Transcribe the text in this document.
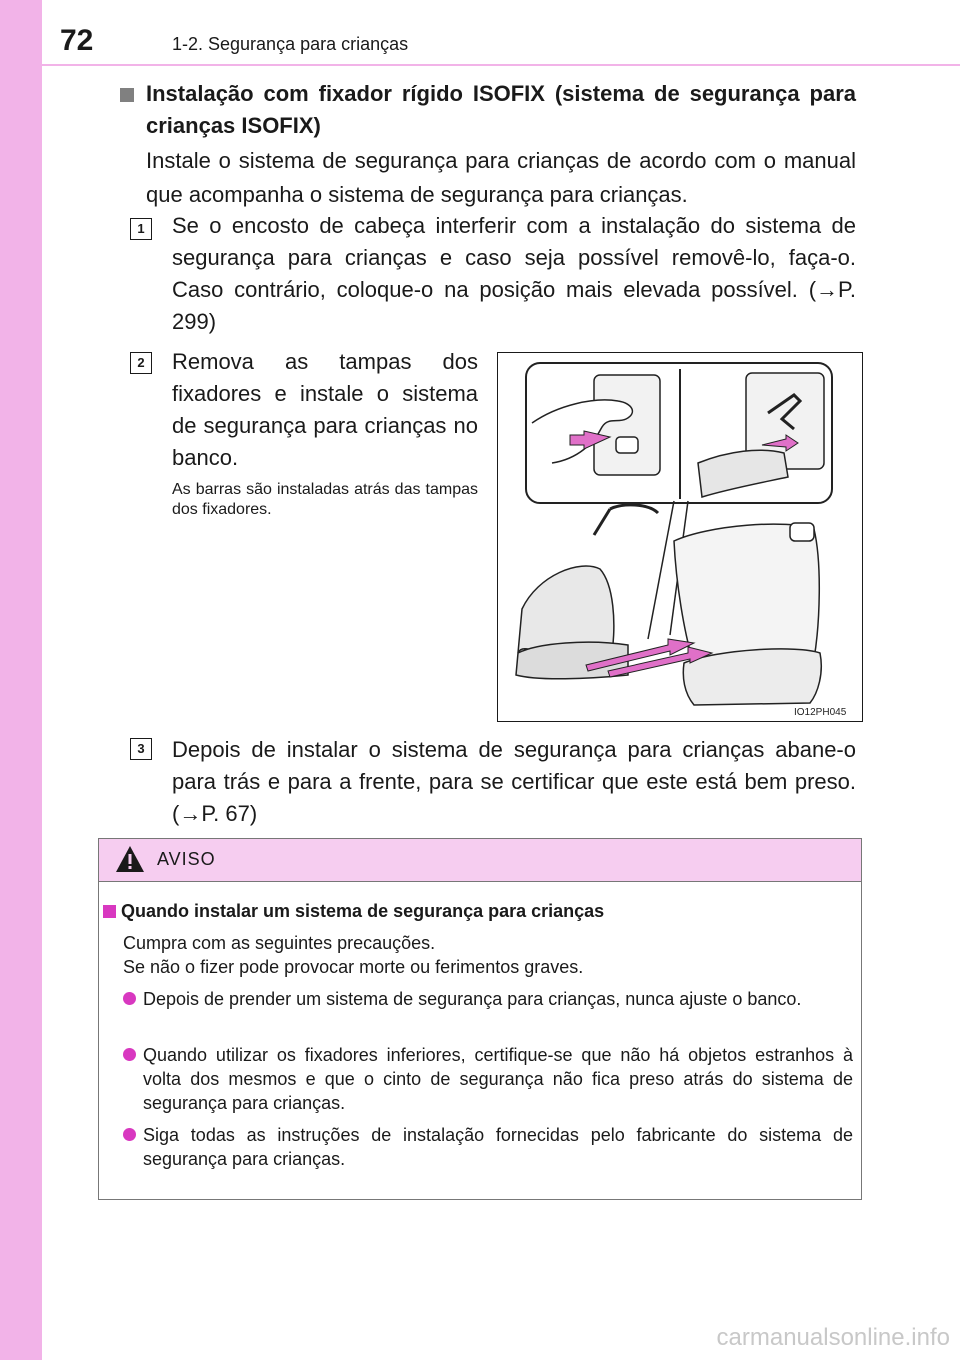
72	1-2. Segurança para crianças
Instalação com fixador rígido ISOFIX (sistema de segurança para crianças ISOFIX)
Instale o sistema de segurança para crianças de acordo com o manual que acompanha o sistema de segurança para crianças.
1	Se o encosto de cabeça interferir com a instalação do sistema de segurança para crianças e caso seja possível removê-lo, faça-o. Caso contrário, coloque-o na posição mais elevada possível. (→P. 299)
2	Remova as tampas dos fixadores e instale o sistema de segurança para crianças no banco.
As barras são instaladas atrás das tampas dos fixadores.
IO12PH045
3	Depois de instalar o sistema de segurança para crianças abane-o para trás e para a frente, para se certificar que este está bem preso. (→P. 67)
AVISO
Quando instalar um sistema de segurança para crianças
Cumpra com as seguintes precauções.
Se não o fizer pode provocar morte ou ferimentos graves.
Depois de prender um sistema de segurança para crianças, nunca ajuste o banco.
Quando utilizar os fixadores inferiores, certifique-se que não há objetos estranhos à volta dos mesmos e que o cinto de segurança não fica preso atrás do sistema de segurança para crianças.
Siga todas as instruções de instalação fornecidas pelo fabricante do sistema de segurança para crianças.
carmanualsonline.info
